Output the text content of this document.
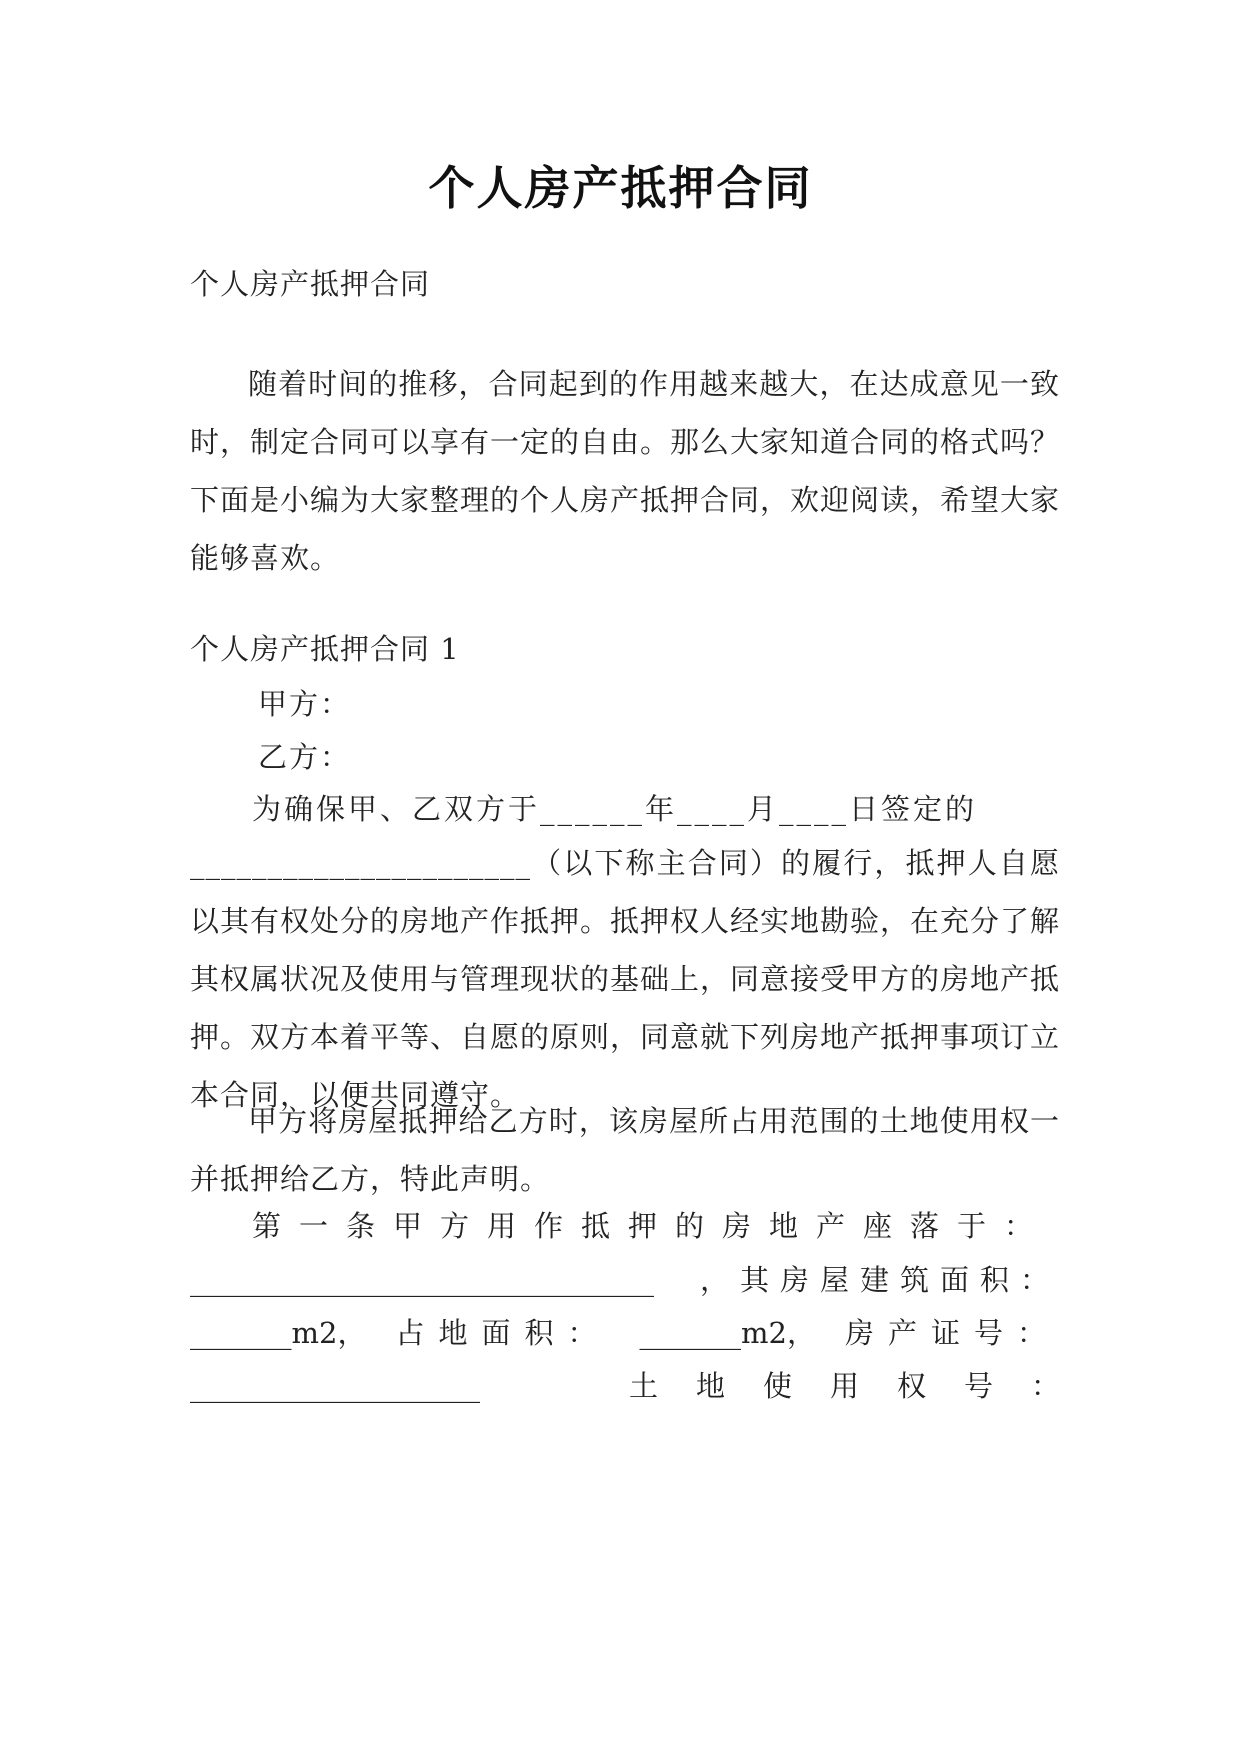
个人房产抵押合同
个人房产抵押合同
随着时间的推移，合同起到的作用越来越大，在达成意见一致时，制定合同可以享有一定的自由。那么大家知道合同的格式吗？下面是小编为大家整理的个人房产抵押合同，欢迎阅读，希望大家能够喜欢。
个人房产抵押合同 1
甲方：
乙方：
为确保甲、乙双方于______年____月____日签定的
______________________（以下称主合同）的履行，抵押人自愿以其有权处分的房地产作抵押。抵押权人经实地勘验，在充分了解其权属状况及使用与管理现状的基础上，同意接受甲方的房地产抵押。双方本着平等、自愿的原则，同意就下列房地产抵押事项订立本合同，以便共同遵守。
甲方将房屋抵押给乙方时，该房屋所占用范围的土地使用权一并抵押给乙方，特此声明。
第一条甲方用作抵押的房地产座落于：
________________________________ ，其房屋建筑面积：
_______m2， 占地面积： _______m2， 房产证号：
____________________	土地使用权号：
